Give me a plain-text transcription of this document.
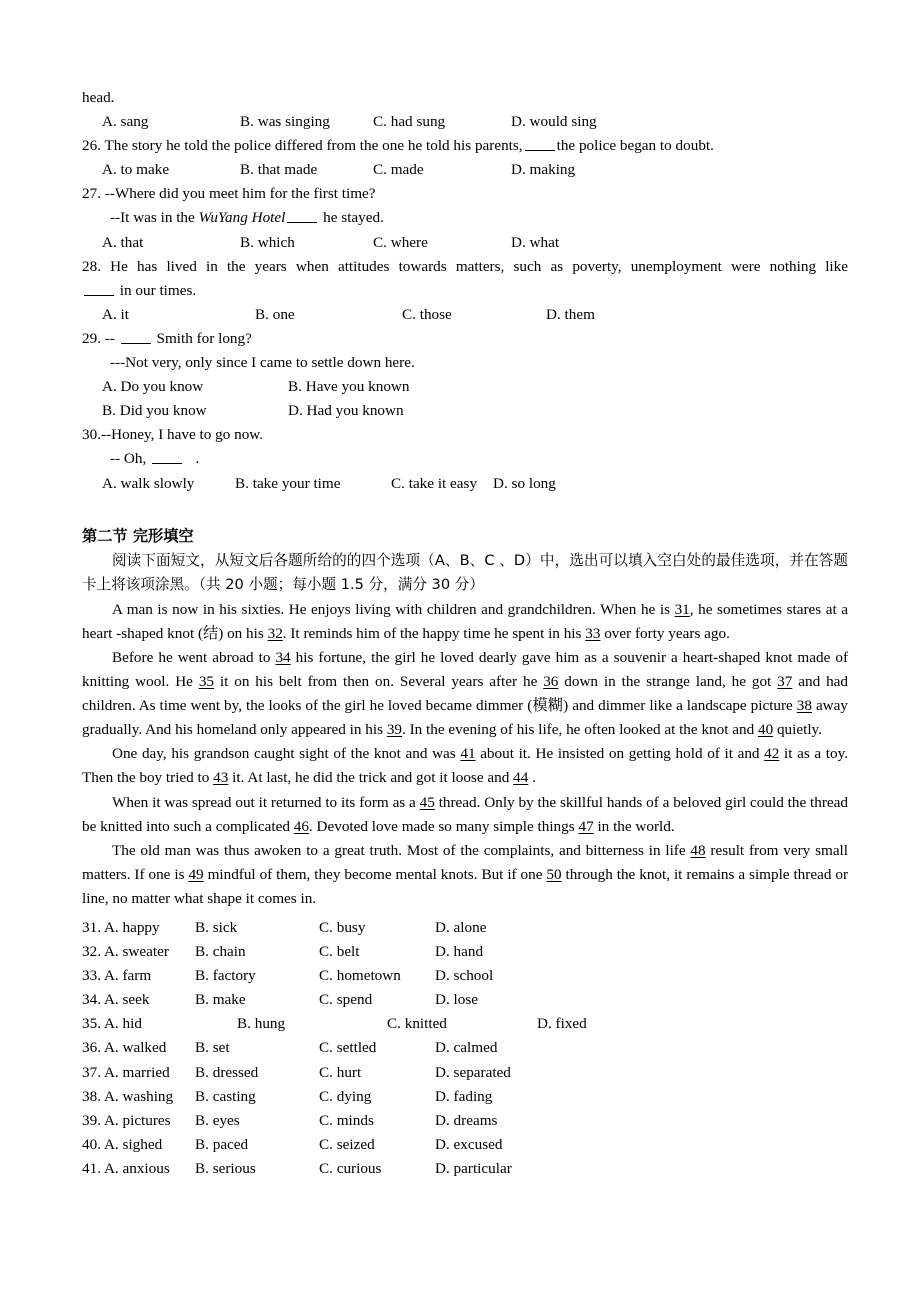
head.
A. sang	B. was singing	C. had sung	D. would sing
26. The story he told the police differed from the one he told his parents, the police began to doubt.
A. to make	B. that made	C. made	D. making
27. --Where did you meet him for the first time?
--It was in the WuYang Hotel he stayed.
A. that	B. which	C. where	D. what
28. He has lived in the years when attitudes towards matters, such as poverty, unemployment were nothing like
in our times.
A. it	B. one	C. those	D. them
29. --	Smith for long?
---Not very, only since I came to settle down here.
A. Do you know	B. Have you known
B. Did you know	D. Had you known
30.--Honey, I have to go now.
-- Oh,	.
A. walk slowly	B. take your time	C. take it easy	D. so long
第二节 完形填空
阅读下面短文，从短文后各题所给的的四个选项（A、B、C 、D）中，选出可以填入空白处的最佳选项，并在答题卡上将该项涂黑。（共 20 小题；每小题 1.5 分，满分 30 分）
A man is now in his sixties. He enjoys living with children and grandchildren. When he is 31, he sometimes stares at a heart -shaped knot (结) on his 32. It reminds him of the happy time he spent in his 33 over forty years ago.
Before he went abroad to 34 his fortune, the girl he loved dearly gave him as a souvenir a heart-shaped knot made of knitting wool. He 35 it on his belt from then on. Several years after he 36 down in the strange land, he got 37 and had children. As time went by, the looks of the girl he loved became dimmer (模糊) and dimmer like a landscape picture 38 away gradually. And his homeland only appeared in his 39. In the evening of his life, he often looked at the knot and 40 quietly.
One day, his grandson caught sight of the knot and was 41 about it. He insisted on getting hold of it and 42 it as a toy. Then the boy tried to 43 it. At last, he did the trick and got it loose and 44 .
When it was spread out it returned to its form as a 45 thread. Only by the skillful hands of a beloved girl could the thread be knitted into such a complicated 46. Devoted love made so many simple things 47 in the world.
The old man was thus awoken to a great truth. Most of the complaints, and bitterness in life 48 result from very small matters. If one is 49 mindful of them, they become mental knots. But if one 50 through the knot, it remains a simple thread or line, no matter what shape it comes in.
31. A. happy	B. sick	C. busy	D. alone
32. A. sweater	B. chain	C. belt	D. hand
33. A. farm	B. factory	C. hometown	D. school
34. A. seek	B. make	C. spend	D. lose
35. A. hid	B. hung	C. knitted	D. fixed
36. A. walked	B. set	C. settled	D. calmed
37. A. married	B. dressed	C. hurt	D. separated
38. A. washing	B. casting	C. dying	D. fading
39. A. pictures	B. eyes	C. minds	D. dreams
40. A. sighed	B. paced	C. seized	D. excused
41. A. anxious	B. serious	C. curious	D. particular
